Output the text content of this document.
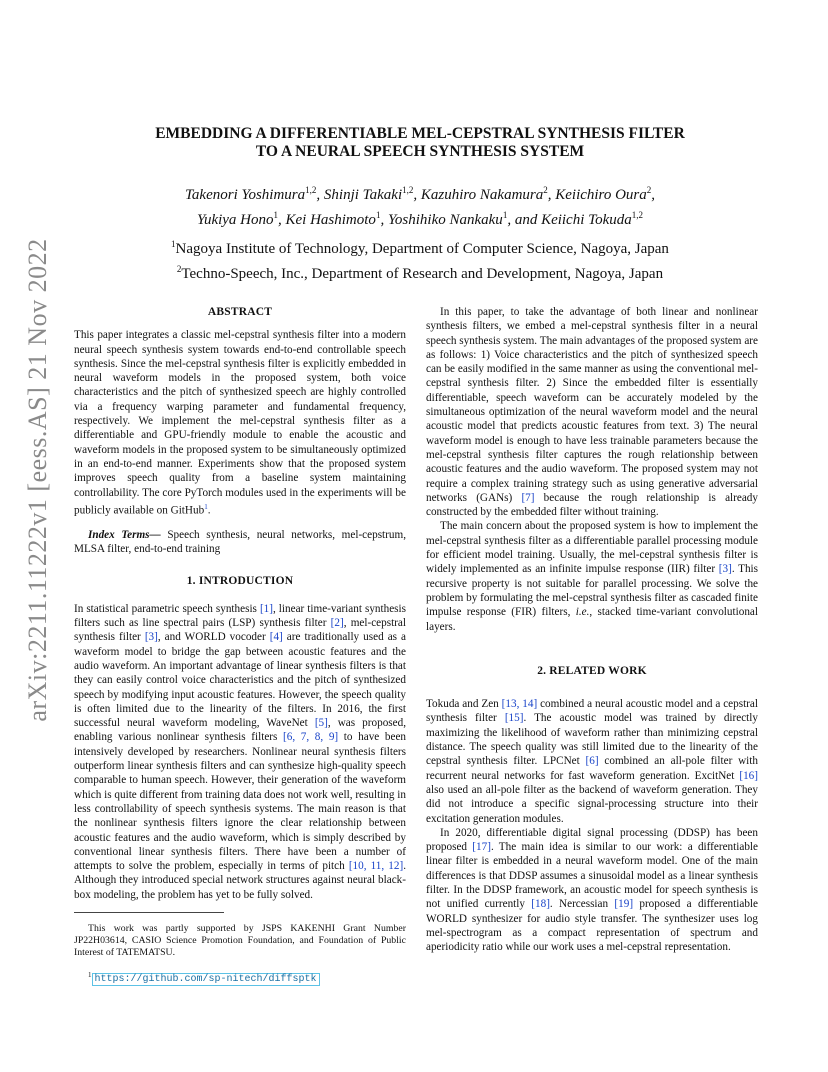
arXiv:2211.11222v1 [eess.AS] 21 Nov 2022
EMBEDDING A DIFFERENTIABLE MEL-CEPSTRAL SYNTHESIS FILTER
TO A NEURAL SPEECH SYNTHESIS SYSTEM
Takenori Yoshimura$^{1,2}$, Shinji Takaki$^{1,2}$, Kazuhiro Nakamura$^2$, Keiichiro Oura$^2$,
Yukiya Hono$^1$, Kei Hashimoto$^1$, Yoshihiko Nankaku$^1$, and Keiichi Tokuda$^{1,2}$
$^1$Nagoya Institute of Technology, Department of Computer Science, Nagoya, Japan
$^2$Techno-Speech, Inc., Department of Research and Development, Nagoya, Japan
ABSTRACT

This paper integrates a classic mel-cepstral synthesis filter into a modern neural speech synthesis system towards end-to-end controllable speech synthesis. Since the mel-cepstral synthesis filter is explicitly embedded in neural waveform models in the proposed system, both voice characteristics and the pitch of synthesized speech are highly controlled via a frequency warping parameter and fundamental frequency, respectively. We implement the mel-cepstral synthesis filter as a differentiable and GPU-friendly module to enable the acoustic and waveform models in the proposed system to be simultaneously optimized in an end-to-end manner. Experiments show that the proposed system improves speech quality from a baseline system maintaining controllability. The core PyTorch modules used in the experiments will be publicly available on GitHub$^1$.

Index Terms— Speech synthesis, neural networks, mel-cepstrum, MLSA filter, end-to-end training

1. INTRODUCTION

In statistical parametric speech synthesis [1], linear time-variant synthesis filters such as line spectral pairs (LSP) synthesis filter [2], mel-cepstral synthesis filter [3], and WORLD vocoder [4] are traditionally used as a waveform model to bridge the gap between acoustic features and the audio waveform. An important advantage of linear synthesis filters is that they can easily control voice characteristics and the pitch of synthesized speech by modifying input acoustic features. However, the speech quality is often limited due to the linearity of the filters. In 2016, the first successful neural waveform modeling, WaveNet [5], was proposed, enabling various nonlinear synthesis filters [6, 7, 8, 9] to have been intensively developed by researchers. Nonlinear neural synthesis filters outperform linear synthesis filters and can synthesize high-quality speech comparable to human speech. However, their generation of the waveform which is quite different from training data does not work well, resulting in less controllability of speech synthesis systems. The main reason is that the nonlinear synthesis filters ignore the clear relationship between acoustic features and the audio waveform, which is simply described by conventional linear synthesis filters. There have been a number of attempts to solve the problem, especially in terms of pitch [10, 11, 12]. Although they introduced special network structures against neural black-box modeling, the problem has yet to be fully solved.

This work was partly supported by JSPS KAKENHI Grant Number JP22H03614, CASIO Science Promotion Foundation, and Foundation of Public Interest of TATEMATSU.

$^1$ https://github.com/sp-nitech/diffsptk

In this paper, to take the advantage of both linear and nonlinear synthesis filters, we embed a mel-cepstral synthesis filter in a neural speech synthesis system. The main advantages of the proposed system are as follows: 1) Voice characteristics and the pitch of synthesized speech can be easily modified in the same manner as using the conventional mel-cepstral synthesis filter. 2) Since the embedded filter is essentially differentiable, speech waveform can be accurately modeled by the simultaneous optimization of the neural waveform model and the neural acoustic model that predicts acoustic features from text. 3) The neural waveform model is enough to have less trainable parameters because the mel-cepstral synthesis filter captures the rough relationship between acoustic features and the audio waveform. The proposed system may not require a complex training strategy such as using generative adversarial networks (GANs) [7] because the rough relationship is already constructed by the embedded filter without training.

The main concern about the proposed system is how to implement the mel-cepstral synthesis filter as a differentiable parallel processing module for efficient model training. Usually, the mel-cepstral synthesis filter is widely implemented as an infinite impulse response (IIR) filter [3]. This recursive property is not suitable for parallel processing. We solve the problem by formulating the mel-cepstral synthesis filter as cascaded finite impulse response (FIR) filters, i.e., stacked time-variant convolutional layers.

2. RELATED WORK

Tokuda and Zen [13, 14] combined a neural acoustic model and a cepstral synthesis filter [15]. The acoustic model was trained by directly maximizing the likelihood of waveform rather than minimizing cepstral distance. The speech quality was still limited due to the linearity of the cepstral synthesis filter. LPCNet [6] combined an all-pole filter with recurrent neural networks for fast waveform generation. ExcitNet [16] also used an all-pole filter as the backend of waveform generation. They did not introduce a specific signal-processing structure into their excitation generation modules.

In 2020, differentiable digital signal processing (DDSP) has been proposed [17]. The main idea is similar to our work: a differentiable linear filter is embedded in a neural waveform model. One of the main differences is that DDSP assumes a sinusoidal model as a linear synthesis filter. In the DDSP framework, an acoustic model for speech synthesis is not unified currently [18]. Nercessian [19] proposed a differentiable WORLD synthesizer for audio style transfer. The synthesizer uses log mel-spectrogram as a compact representation of spectrum and aperiodicity ratio while our work uses a mel-cepstral representation.
